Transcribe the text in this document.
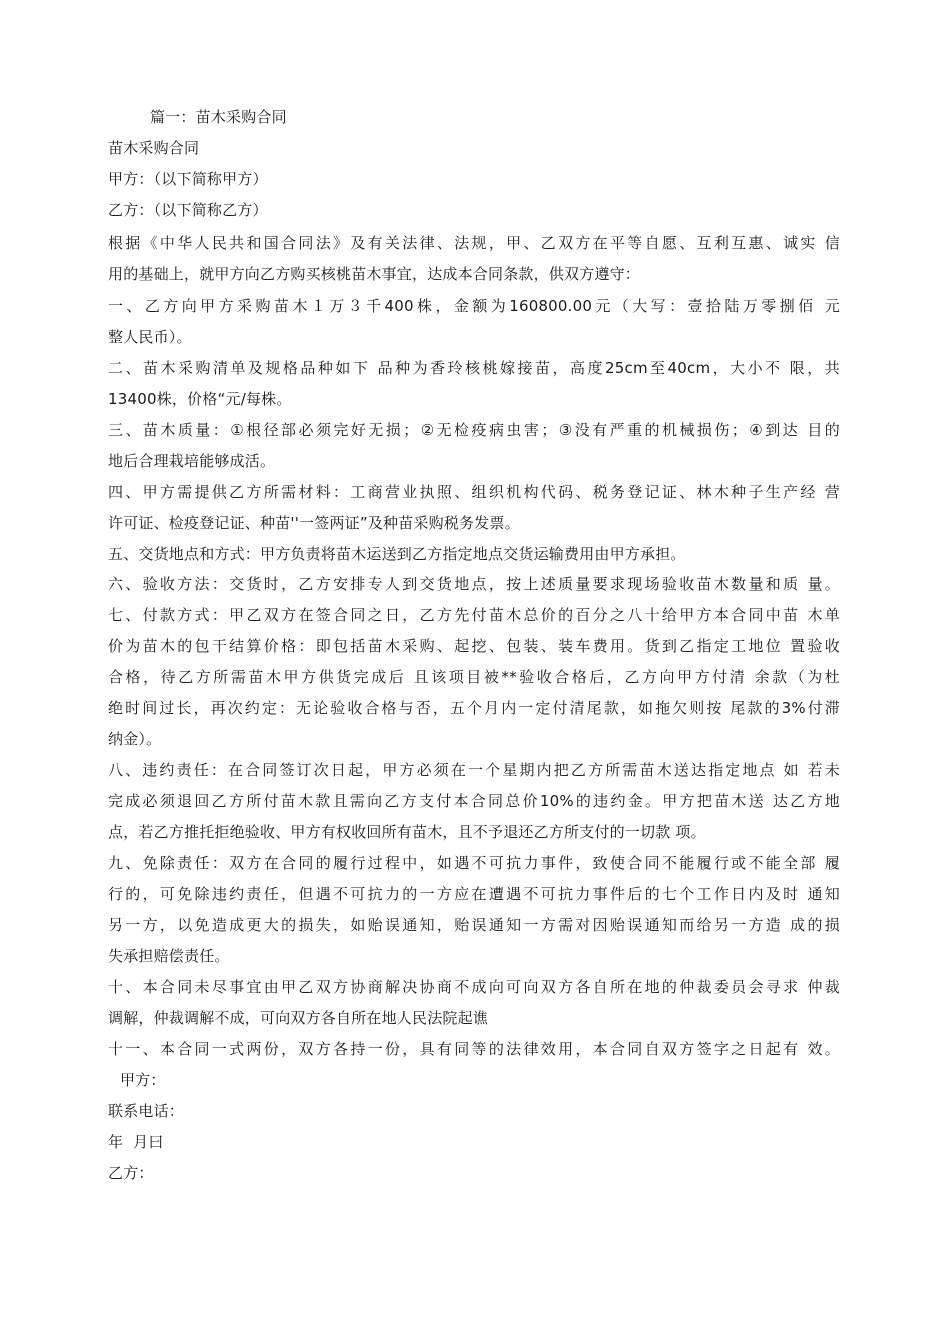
篇一：苗木采购合同
苗木采购合同
甲方：（以下简称甲方）
乙方：（以下简称乙方）
根据《中华人民共和国合同法》及有关法律、法规，甲、乙双方在平等自愿、互利互惠、诚实 信
用的基础上，就甲方向乙方购买核桃苗木事宜，达成本合同条款，供双方遵守：
一、乙方向甲方采购苗木１万３千400株，金额为160800.00元（大写：壹拾陆万零捌佰 元
整人民币）。
二、苗木采购清单及规格品种如下 品种为香玲核桃嫁接苗，高度25cm至40cm，大小不 限，共
13400株，价格“元/每株。
三、苗木质量：①根径部必须完好无损；②无检疫病虫害；③没有严重的机械损伤；④到达 目的
地后合理栽培能够成活。
四、甲方需提供乙方所需材料：工商营业执照、组织机构代码、税务登记证、林木种子生产经 营
许可证、检疫登记证、种苗''一签两证”及种苗采购税务发票。
五、交货地点和方式：甲方负责将苗木运送到乙方指定地点交货运输费用由甲方承担。
六、验收方法：交货时，乙方安排专人到交货地点，按上述质量要求现场验收苗木数量和质 量。
七、付款方式：甲乙双方在签合同之日，乙方先付苗木总价的百分之八十给甲方本合同中苗 木单
价为苗木的包干结算价格：即包括苗木采购、起挖、包装、装车费用。货到乙指定工地位 置验收
合格，待乙方所需苗木甲方供货完成后 且该项目被**验收合格后，乙方向甲方付清 余款（为杜
绝时间过长，再次约定：无论验收合格与否，五个月内一定付清尾款，如拖欠则按 尾款的3%付滞
纳金）。
八、违约责任：在合同签订次日起，甲方必须在一个星期内把乙方所需苗木送达指定地点 如 若未
完成必须退回乙方所付苗木款且需向乙方支付本合同总价10%的违约金。甲方把苗木送 达乙方地
点，若乙方推托拒绝验收、甲方有权收回所有苗木，且不予退还乙方所支付的一切款 项。
九、免除责任：双方在合同的履行过程中，如遇不可抗力事件，致使合同不能履行或不能全部 履
行的，可免除违约责任，但遇不可抗力的一方应在遭遇不可抗力事件后的七个工作日内及时 通知
另一方，以免造成更大的损失，如贻误通知，贻误通知一方需对因贻误通知而给另一方造 成的损
失承担赔偿责任。
十、本合同未尽事宜由甲乙双方协商解决协商不成向可向双方各自所在地的仲裁委员会寻求 仲裁
调解，仲裁调解不成，可向双方各自所在地人民法院起谯
十一、本合同一式两份，双方各持一份，具有同等的法律效用，本合同自双方签字之日起有 效。
甲方：
联系电话：
年  月曰
乙方：
